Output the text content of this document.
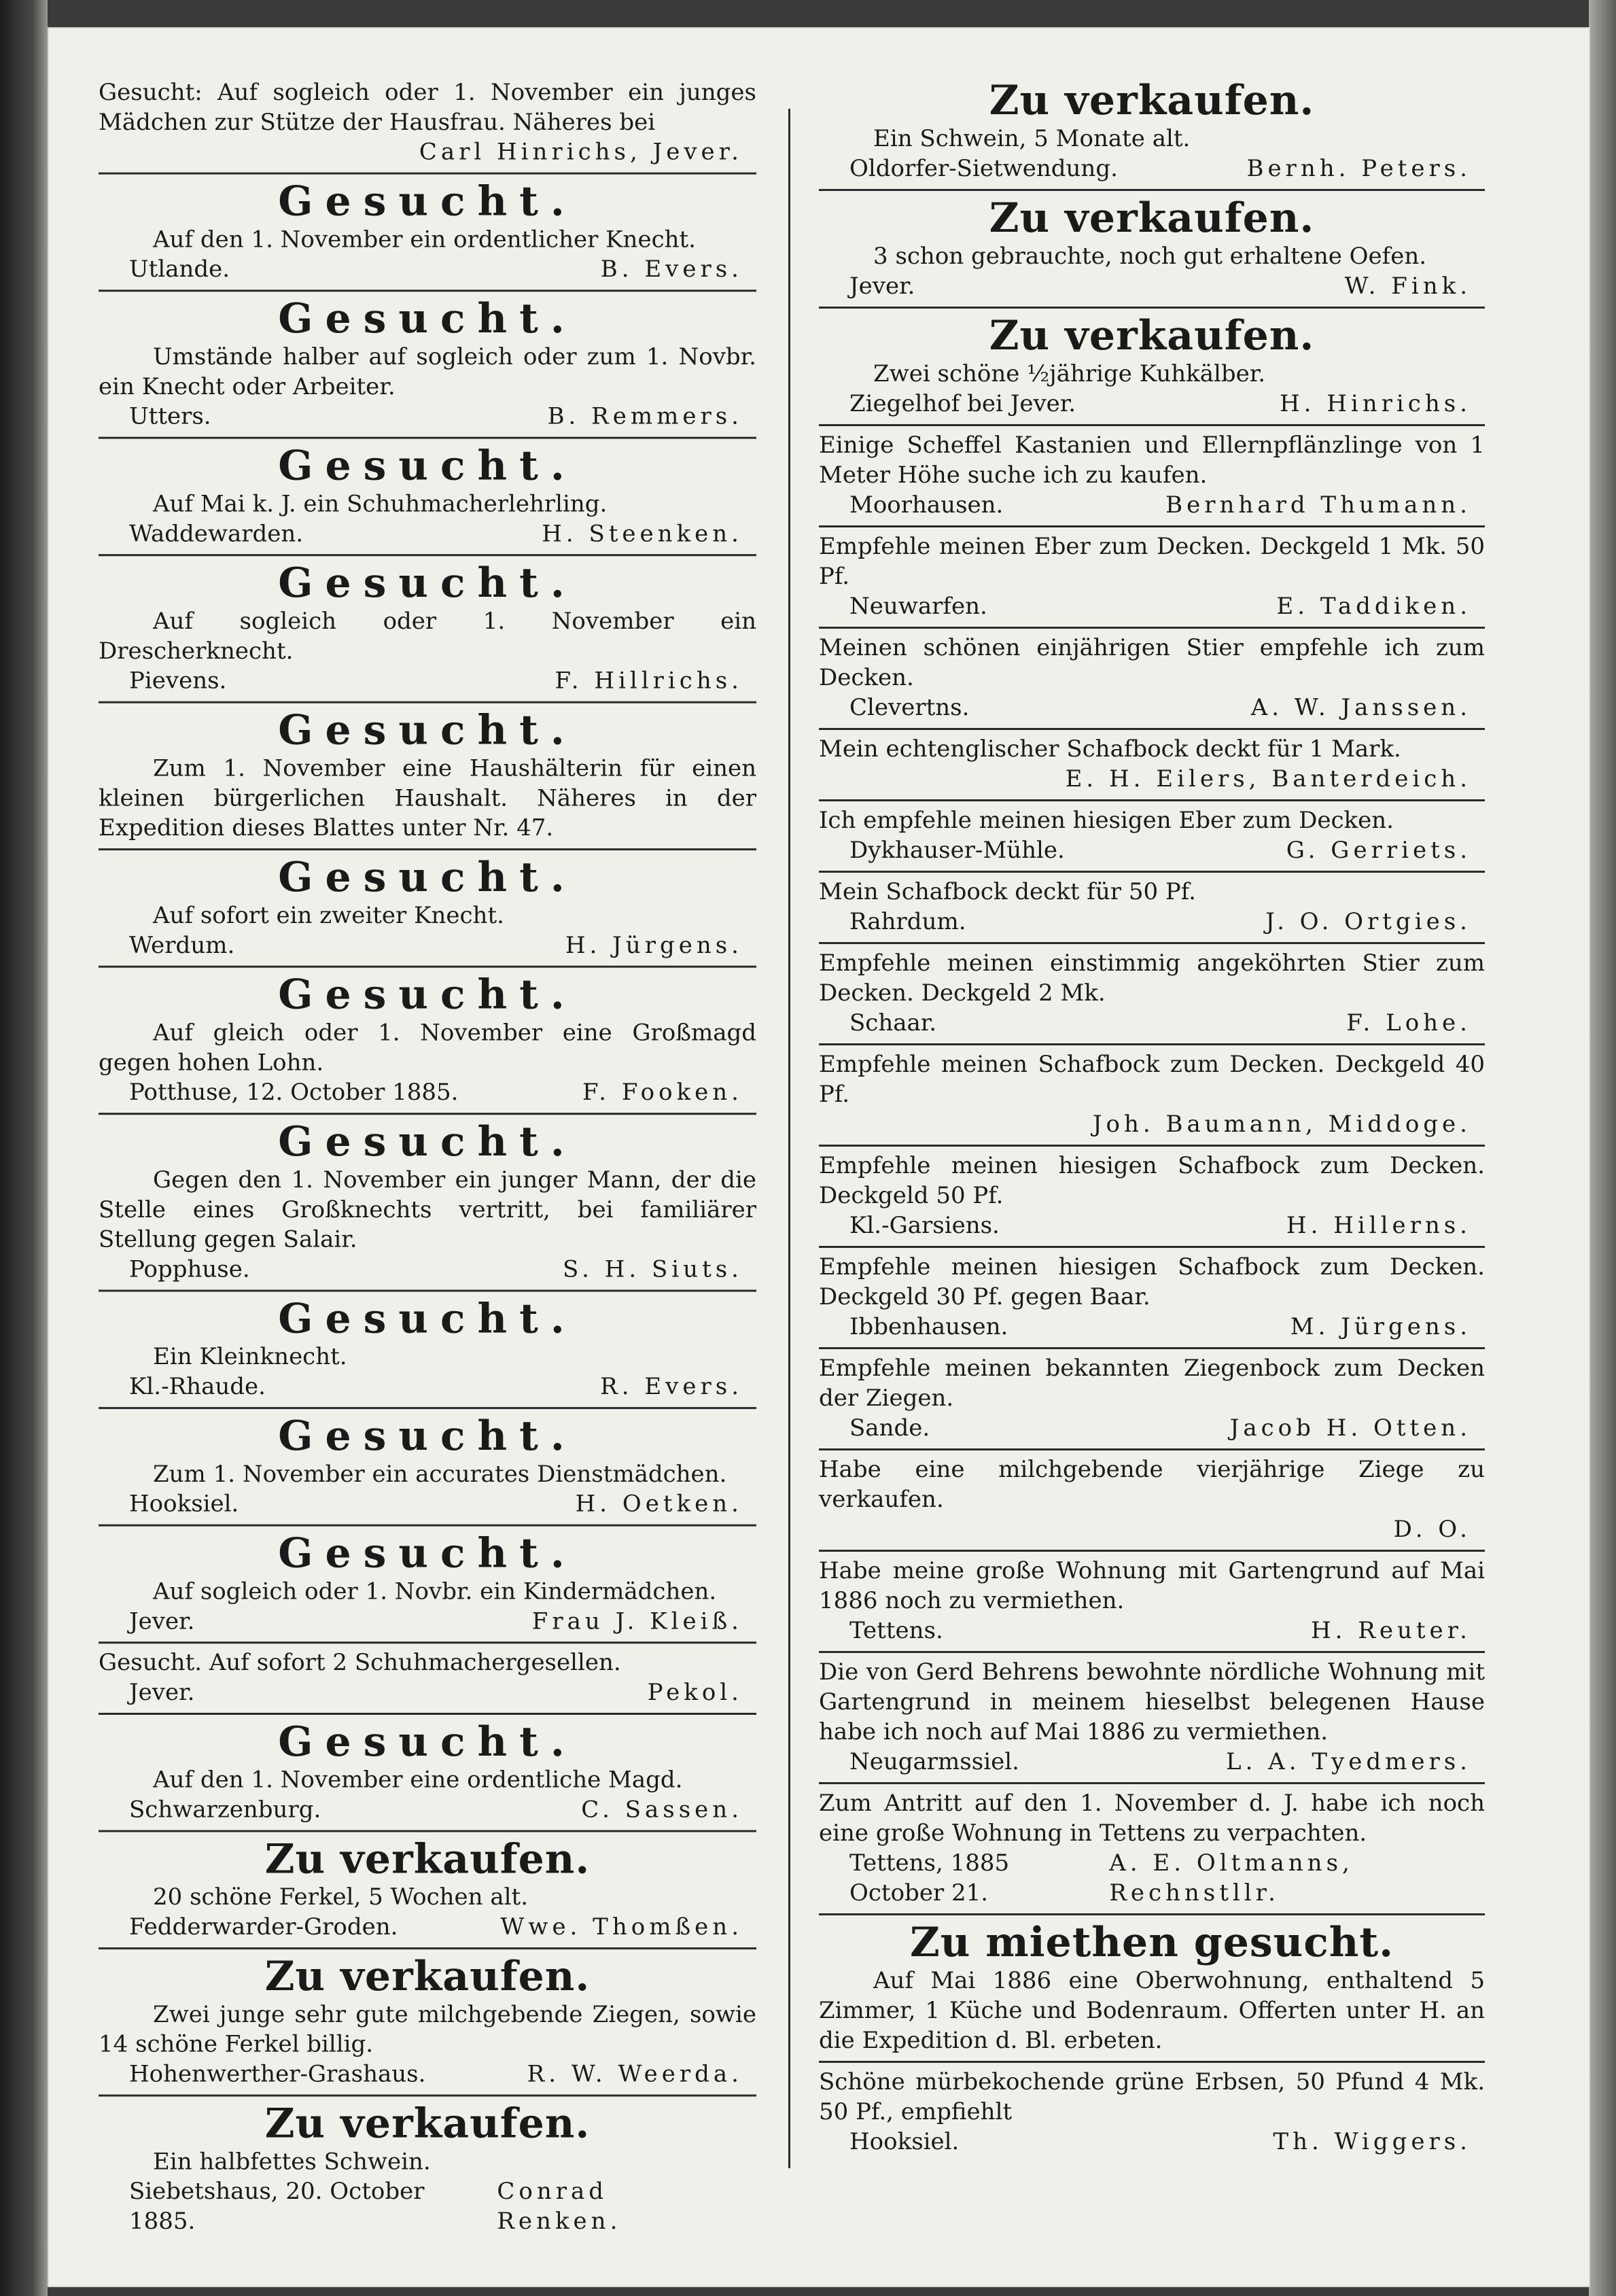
Gesucht: Auf sogleich oder 1. November ein junges Mädchen zur Stütze der Hausfrau. Näheres bei
Carl Hinrichs, Jever.
Gesucht.
Auf den 1. November ein ordentlicher Knecht.
Utlande.	B. Evers.
Gesucht.
Umstände halber auf sogleich oder zum 1. Novbr. ein Knecht oder Arbeiter.
Utters.	B. Remmers.
Gesucht.
Auf Mai k. J. ein Schuhmacherlehrling.
Waddewarden.	H. Steenken.
Gesucht.
Auf sogleich oder 1. November ein Drescherknecht.
Pievens.	F. Hillrichs.
Gesucht.
Zum 1. November eine Haushälterin für einen kleinen bürgerlichen Haushalt. Näheres in der Expedition dieses Blattes unter Nr. 47.
Gesucht.
Auf sofort ein zweiter Knecht.
Werdum.	H. Jürgens.
Gesucht.
Auf gleich oder 1. November eine Großmagd gegen hohen Lohn.
Potthuse, 12. October 1885.	F. Fooken.
Gesucht.
Gegen den 1. November ein junger Mann, der die Stelle eines Großknechts vertritt, bei familiärer Stellung gegen Salair.
Popphuse.	S. H. Siuts.
Gesucht.
Ein Kleinknecht.
Kl.-Rhaude.	R. Evers.
Gesucht.
Zum 1. November ein accurates Dienstmädchen.
Hooksiel.	H. Oetken.
Gesucht.
Auf sogleich oder 1. Novbr. ein Kindermädchen.
Jever.	Frau J. Kleiß.
Gesucht. Auf sofort 2 Schuhmachergesellen.
Jever.	Pekol.
Gesucht.
Auf den 1. November eine ordentliche Magd.
Schwarzenburg.	C. Sassen.
Zu verkaufen.
20 schöne Ferkel, 5 Wochen alt.
Fedderwarder-Groden.	Wwe. Thomßen.
Zu verkaufen.
Zwei junge sehr gute milchgebende Ziegen, sowie 14 schöne Ferkel billig.
Hohenwerther-Grashaus.	R. W. Weerda.
Zu verkaufen.
Ein halbfettes Schwein.
Siebetshaus, 20. October 1885.
Conrad Renken.
Zu verkaufen.
Ein Schwein, 5 Monate alt.
Oldorfer-Sietwendung.	Bernh. Peters.
Zu verkaufen.
3 schon gebrauchte, noch gut erhaltene Oefen.
Jever.	W. Fink.
Zu verkaufen.
Zwei schöne ½jährige Kuhkälber.
Ziegelhof bei Jever.	H. Hinrichs.
Einige Scheffel Kastanien und Ellernpflänzlinge von 1 Meter Höhe suche ich zu kaufen.
Moorhausen.	Bernhard Thumann.
Empfehle meinen Eber zum Decken. Deckgeld 1 Mk. 50 Pf.
Neuwarfen.	E. Taddiken.
Meinen schönen einjährigen Stier empfehle ich zum Decken.
Clevertns.	A. W. Janssen.
Mein echtenglischer Schafbock deckt für 1 Mark.
E. H. Eilers, Banterdeich.
Ich empfehle meinen hiesigen Eber zum Decken.
Dykhauser-Mühle.	G. Gerriets.
Mein Schafbock deckt für 50 Pf.
Rahrdum.	J. O. Ortgies.
Empfehle meinen einstimmig angeköhrten Stier zum Decken. Deckgeld 2 Mk.
Schaar.	F. Lohe.
Empfehle meinen Schafbock zum Decken. Deckgeld 40 Pf.
Joh. Baumann, Middoge.
Empfehle meinen hiesigen Schafbock zum Decken. Deckgeld 50 Pf.
Kl.-Garsiens.	H. Hillerns.
Empfehle meinen hiesigen Schafbock zum Decken. Deckgeld 30 Pf. gegen Baar.
Ibbenhausen.	M. Jürgens.
Empfehle meinen bekannten Ziegenbock zum Decken der Ziegen.
Sande.	Jacob H. Otten.
Habe eine milchgebende vierjährige Ziege zu verkaufen.
D. O.
Habe meine große Wohnung mit Gartengrund auf Mai 1886 noch zu vermiethen.
Tettens.	H. Reuter.
Die von Gerd Behrens bewohnte nördliche Wohnung mit Gartengrund in meinem hieselbst belegenen Hause habe ich noch auf Mai 1886 zu vermiethen.
Neugarmssiel.	L. A. Tyedmers.
Zum Antritt auf den 1. November d. J. habe ich noch eine große Wohnung in Tettens zu verpachten.
Tettens, 1885 October 21.
A. E. Oltmanns, Rechnstllr.
Zu miethen gesucht.
Auf Mai 1886 eine Oberwohnung, enthaltend 5 Zimmer, 1 Küche und Bodenraum. Offerten unter H. an die Expedition d. Bl. erbeten.
Schöne mürbekochende grüne Erbsen, 50 Pfund 4 Mk. 50 Pf., empfiehlt
Hooksiel.	Th. Wiggers.
